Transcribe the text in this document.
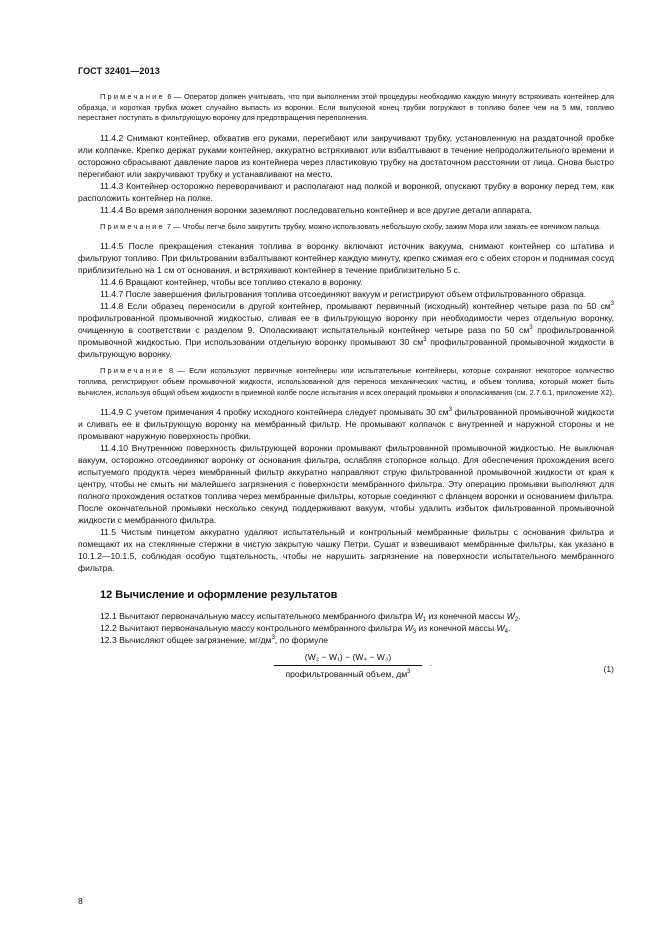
ГОСТ 32401—2013

Примечание 6 — Оператор должен учитывать, что при выполнении этой процедуры необходимо каждую минуту встряхивать контейнер для образца, и короткая трубка может случайно выпасть из воронки. Если выпускной конец трубки погружают в топливо более чем на 5 мм, топливо перестанет поступать в фильтрующую воронку для предотвращения переполнения.

11.4.2 Снимают контейнер, обхватив его руками, перегибают или закручивают трубку, установленную на раздаточной пробке или колпачке. Крепко держат руками контейнер, аккуратно встряхивают или взбалтывают в течение непродолжительного времени и осторожно сбрасывают давление паров из контейнера через пластиковую трубку на достаточном расстоянии от лица. Снова быстро перегибают или закручивают трубку и устанавливают на место.

11.4.3 Контейнер осторожно переворачивают и располагают над полкой и воронкой, опускают трубку в воронку перед тем, как расположить контейнер на полке.

11.4.4 Во время заполнения воронки заземляют последовательно контейнер и все другие детали аппарата.

Примечание 7 — Чтобы легче было закрутить трубку, можно использовать небольшую скобу, зажим Мора или зажать ее кончиком пальца.

11.4.5 После прекращения стекания топлива в воронку включают источник вакуума, снимают контейнер со штатива и фильтруют топливо. При фильтровании взбалтывают контейнер каждую минуту, крепко сжимая его с обеих сторон и поднимая сосуд приблизительно на 1 см от основания, и встряхивают контейнер в течение приблизительно 5 с.

11.4.6 Вращают контейнер, чтобы все топливо стекало в воронку.

11.4.7 После завершения фильтрования топлива отсоединяют вакуум и регистрируют объем отфильтрованного образца.

11.4.8 Если образец переносили в другой контейнер, промывают первичный (исходный) контейнер четыре раза по 50 $см^3$ профильтрованной промывочной жидкостью, сливая ее в фильтрующую воронку при необходимости через отдельную воронку, очищенную в соответствии с разделом 9. Ополаскивают испытательный контейнер четыре раза по 50 $см^3$ профильтрованной промывочной жидкостью. При использовании отдельную воронку промывают 30 $см^3$ профильтрованной промывочной жидкости в фильтрующую воронку.

Примечание 8 — Если используют первичные контейнеры или испытательные контейнеры, которые сохраняют некоторое количество топлива, регистрируют объем промывочной жидкости, использованной для переноса механических частиц, и объем топлива, который может быть вычислен, используя общий объем жидкости в приемной колбе после испытания и всех операций промывки и ополаскивания (см. 2.7.6.1, приложение X2).

11.4.9 С учетом примечания 4 пробку исходного контейнера следует промывать 30 $см^3$ фильтрованной промывочной жидкости и сливать ее в фильтрующую воронку на мембранный фильтр. Не промывают колпачок с внутренней и наружной стороны и не промывают наружную поверхность пробки.

11.4.10 Внутреннюю поверхность фильтрующей воронки промывают фильтрованной промывочной жидкостью. Не выключая вакуум, осторожно отсоединяют воронку от основания фильтра, ослабляя стопорное кольцо. Для обеспечения прохождения всего испытуемого продукта через мембранный фильтр аккуратно направляют струю фильтрованной промывочной жидкости от края к центру, чтобы не смыть ни малейшего загрязнения с поверхности мембранного фильтра. Эту операцию промывки выполняют для полного прохождения остатков топлива через мембранные фильтры, которые соединяют с фланцем воронки и основанием фильтра. После окончательной промывки несколько секунд поддерживают вакуум, чтобы удалить избыток фильтрованной промывочной жидкости с мембранного фильтра.

11.5 Чистым пинцетом аккуратно удаляют испытательный и контрольный мембранные фильтры с основания фильтра и помещают их на стеклянные стержни в чистую закрытую чашку Петри. Сушат и взвешивают мембранные фильтры, как указано в 10.1.2—10.1.5, соблюдая особую тщательность, чтобы не нарушить загрязнение на поверхности испытательного мембранного фильтра.

12 Вычисление и оформление результатов

12.1 Вычитают первоначальную массу испытательного мембранного фильтра $W_1$ из конечной массы $W_2$.

12.2 Вычитают первоначальную массу контрольного мембранного фильтра $W_3$ из конечной массы $W_4$.

12.3 Вычисляют общее загрязнение, $мг/дм^3$, по формуле

(W₂ − W₁) − (W₄ − W₃)
профильтрованный объем, $дм^3$
.
(1)
8
